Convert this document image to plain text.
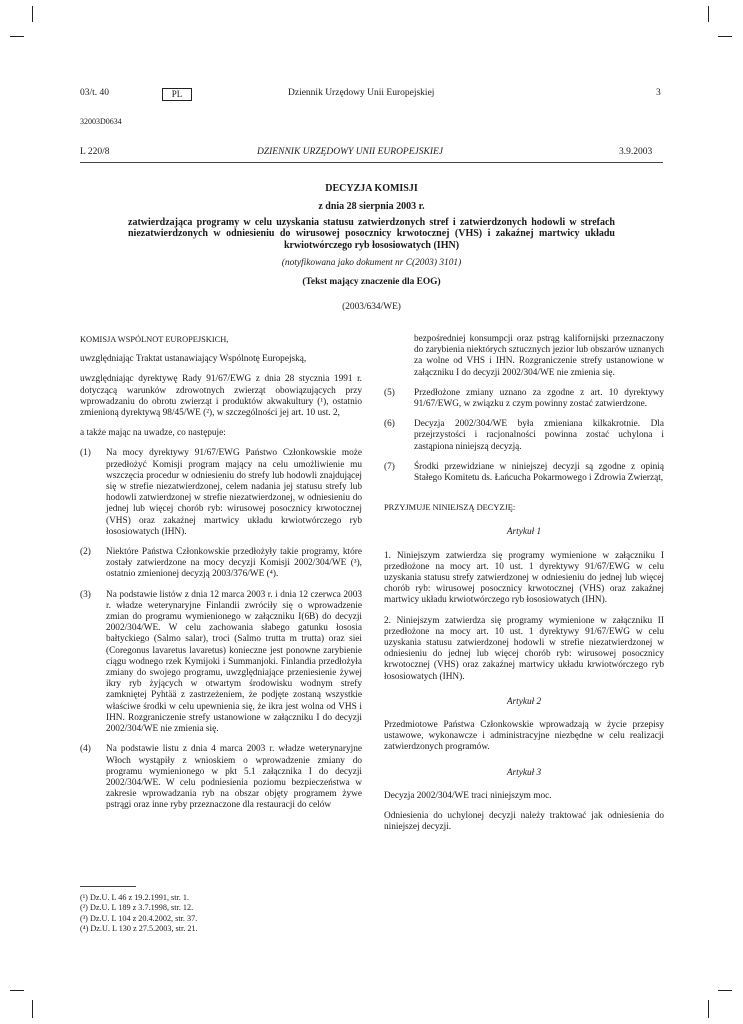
03/t. 40	PL	Dziennik Urzędowy Unii Europejskiej	3
32003D0634
L 220/8	DZIENNIK URZĘDOWY UNII EUROPEJSKIEJ	3.9.2003
DECYZJA KOMISJI
z dnia 28 sierpnia 2003 r.
zatwierdzająca programy w celu uzyskania statusu zatwierdzonych stref i zatwierdzonych hodowli w strefach niezatwierdzonych w odniesieniu do wirusowej posocznicy krwotocznej (VHS) i zakaźnej martwicy układu krwiotwórczego ryb łososiowatych (IHN)
(notyfikowana jako dokument nr C(2003) 3101)
(Tekst mający znaczenie dla EOG)
(2003/634/WE)

KOMISJA WSPÓLNOT EUROPEJSKICH,

uwzględniając Traktat ustanawiający Wspólnotę Europejską,

uwzględniając dyrektywę Rady 91/67/EWG z dnia 28 stycznia 1991 r. dotyczącą warunków zdrowotnych zwierząt obowiązujących przy wprowadzaniu do obrotu zwierząt i produktów akwakultury (¹), ostatnio zmienioną dyrektywą 98/45/WE (²), w szczególności jej art. 10 ust. 2,

a także mając na uwadze, co następuje:

(1)	Na mocy dyrektywy 91/67/EWG Państwo Członkowskie może przedłożyć Komisji program mający na celu umożliwienie mu wszczęcia procedur w odniesieniu do strefy lub hodowli znajdującej się w strefie niezatwierdzonej, celem nadania jej statusu strefy lub hodowli zatwierdzonej w strefie niezatwierdzonej, w odniesieniu do jednej lub więcej chorób ryb: wirusowej posocznicy krwotocznej (VHS) oraz zakaźnej martwicy układu krwiotwórczego ryb łososiowatych (IHN).
(2)	Niektóre Państwa Członkowskie przedłożyły takie programy, które zostały zatwierdzone na mocy decyzji Komisji 2002/304/WE (³), ostatnio zmienionej decyzją 2003/376/WE (⁴).
(3)	Na podstawie listów z dnia 12 marca 2003 r. i dnia 12 czerwca 2003 r. władze weterynaryjne Finlandii zwróciły się o wprowadzenie zmian do programu wymienionego w załączniku I(6B) do decyzji 2002/304/WE. W celu zachowania słabego gatunku łososia bałtyckiego (Salmo salar), troci (Salmo trutta m trutta) oraz siei (Coregonus lavaretus lavaretus) konieczne jest ponowne zarybienie ciągu wodnego rzek Kymijoki i Summanjoki. Finlandia przedłożyła zmiany do swojego programu, uwzględniające przeniesienie żywej ikry ryb żyjących w otwartym środowisku wodnym strefy zamkniętej Pyhtää z zastrzeżeniem, że podjęte zostaną wszystkie właściwe środki w celu upewnienia się, że ikra jest wolna od VHS i IHN. Rozgraniczenie strefy ustanowione w załączniku I do decyzji 2002/304/WE nie zmienia się.
(4)	Na podstawie listu z dnia 4 marca 2003 r. władze weterynaryjne Włoch wystąpiły z wnioskiem o wprowadzenie zmiany do programu wymienionego w pkt 5.1 załącznika I do decyzji 2002/304/WE. W celu podniesienia poziomu bezpieczeństwa w zakresie wprowadzania ryb na obszar objęty programem żywe pstrągi oraz inne ryby przeznaczone dla restauracji do celów
(¹) Dz.U. L 46 z 19.2.1991, str. 1.
(²) Dz.U. L 189 z 3.7.1998, str. 12.
(³) Dz.U. L 104 z 20.4.2002, str. 37.
(⁴) Dz.U. L 130 z 27.5.2003, str. 21.

bezpośredniej konsumpcji oraz pstrąg kalifornijski przeznaczony do zarybienia niektórych sztucznych jezior lub obszarów uznanych za wolne od VHS i IHN. Rozgraniczenie strefy ustanowione w załączniku I do decyzji 2002/304/WE nie zmienia się.

(5)	Przedłożone zmiany uznano za zgodne z art. 10 dyrektywy 91/67/EWG, w związku z czym powinny zostać zatwierdzone.
(6)	Decyzja 2002/304/WE była zmieniana kilkakrotnie. Dla przejrzystości i racjonalności powinna zostać uchylona i zastąpiona niniejszą decyzją.
(7)	Środki przewidziane w niniejszej decyzji są zgodne z opinią Stałego Komitetu ds. Łańcucha Pokarmowego i Zdrowia Zwierząt,

PRZYJMUJE NINIEJSZĄ DECYZJĘ:

Artykuł 1

1. Niniejszym zatwierdza się programy wymienione w załączniku I przedłożone na mocy art. 10 ust. 1 dyrektywy 91/67/EWG w celu uzyskania statusu strefy zatwierdzonej w odniesieniu do jednej lub więcej chorób ryb: wirusowej posocznicy krwotocznej (VHS) oraz zakaźnej martwicy układu krwiotwórczego ryb łososiowatych (IHN).

2. Niniejszym zatwierdza się programy wymienione w załączniku II przedłożone na mocy art. 10 ust. 1 dyrektywy 91/67/EWG w celu uzyskania statusu zatwierdzonej hodowli w strefie niezatwierdzonej w odniesieniu do jednej lub więcej chorób ryb: wirusowej posocznicy krwotocznej (VHS) oraz zakaźnej martwicy układu krwiotwórczego ryb łososiowatych (IHN).

Artykuł 2

Przedmiotowe Państwa Członkowskie wprowadzają w życie przepisy ustawowe, wykonawcze i administracyjne niezbędne w celu realizacji zatwierdzonych programów.

Artykuł 3

Decyzja 2002/304/WE traci niniejszym moc.

Odniesienia do uchylonej decyzji należy traktować jak odniesienia do niniejszej decyzji.
